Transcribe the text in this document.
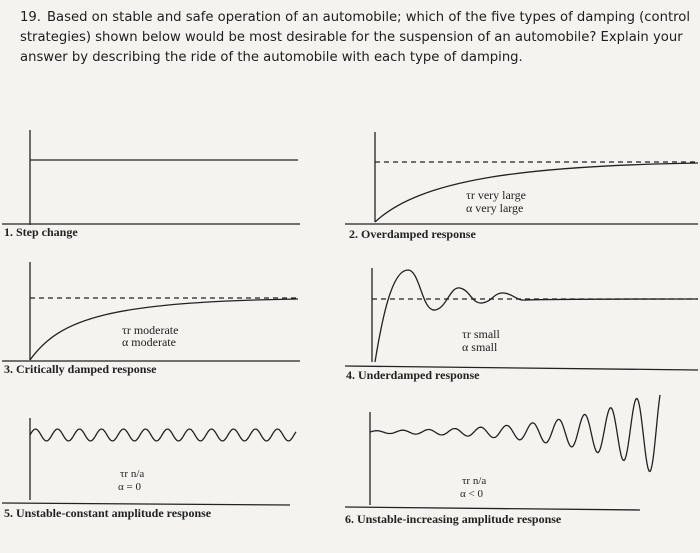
19. Based on stable and safe operation of an automobile; which of the five types of damping (control strategies) shown below would be most desirable for the suspension of an automobile? Explain your answer by describing the ride of the automobile with each type of damping.
1. Step change	2. Overdamped response
3. Critically damped response	4. Underdamped response
5. Unstable-constant amplitude response	6. Unstable-increasing amplitude response
τr very large
α very large
τr moderate
α moderate
τr small
α small
τr n/a
α = 0	τr n/a
α < 0
